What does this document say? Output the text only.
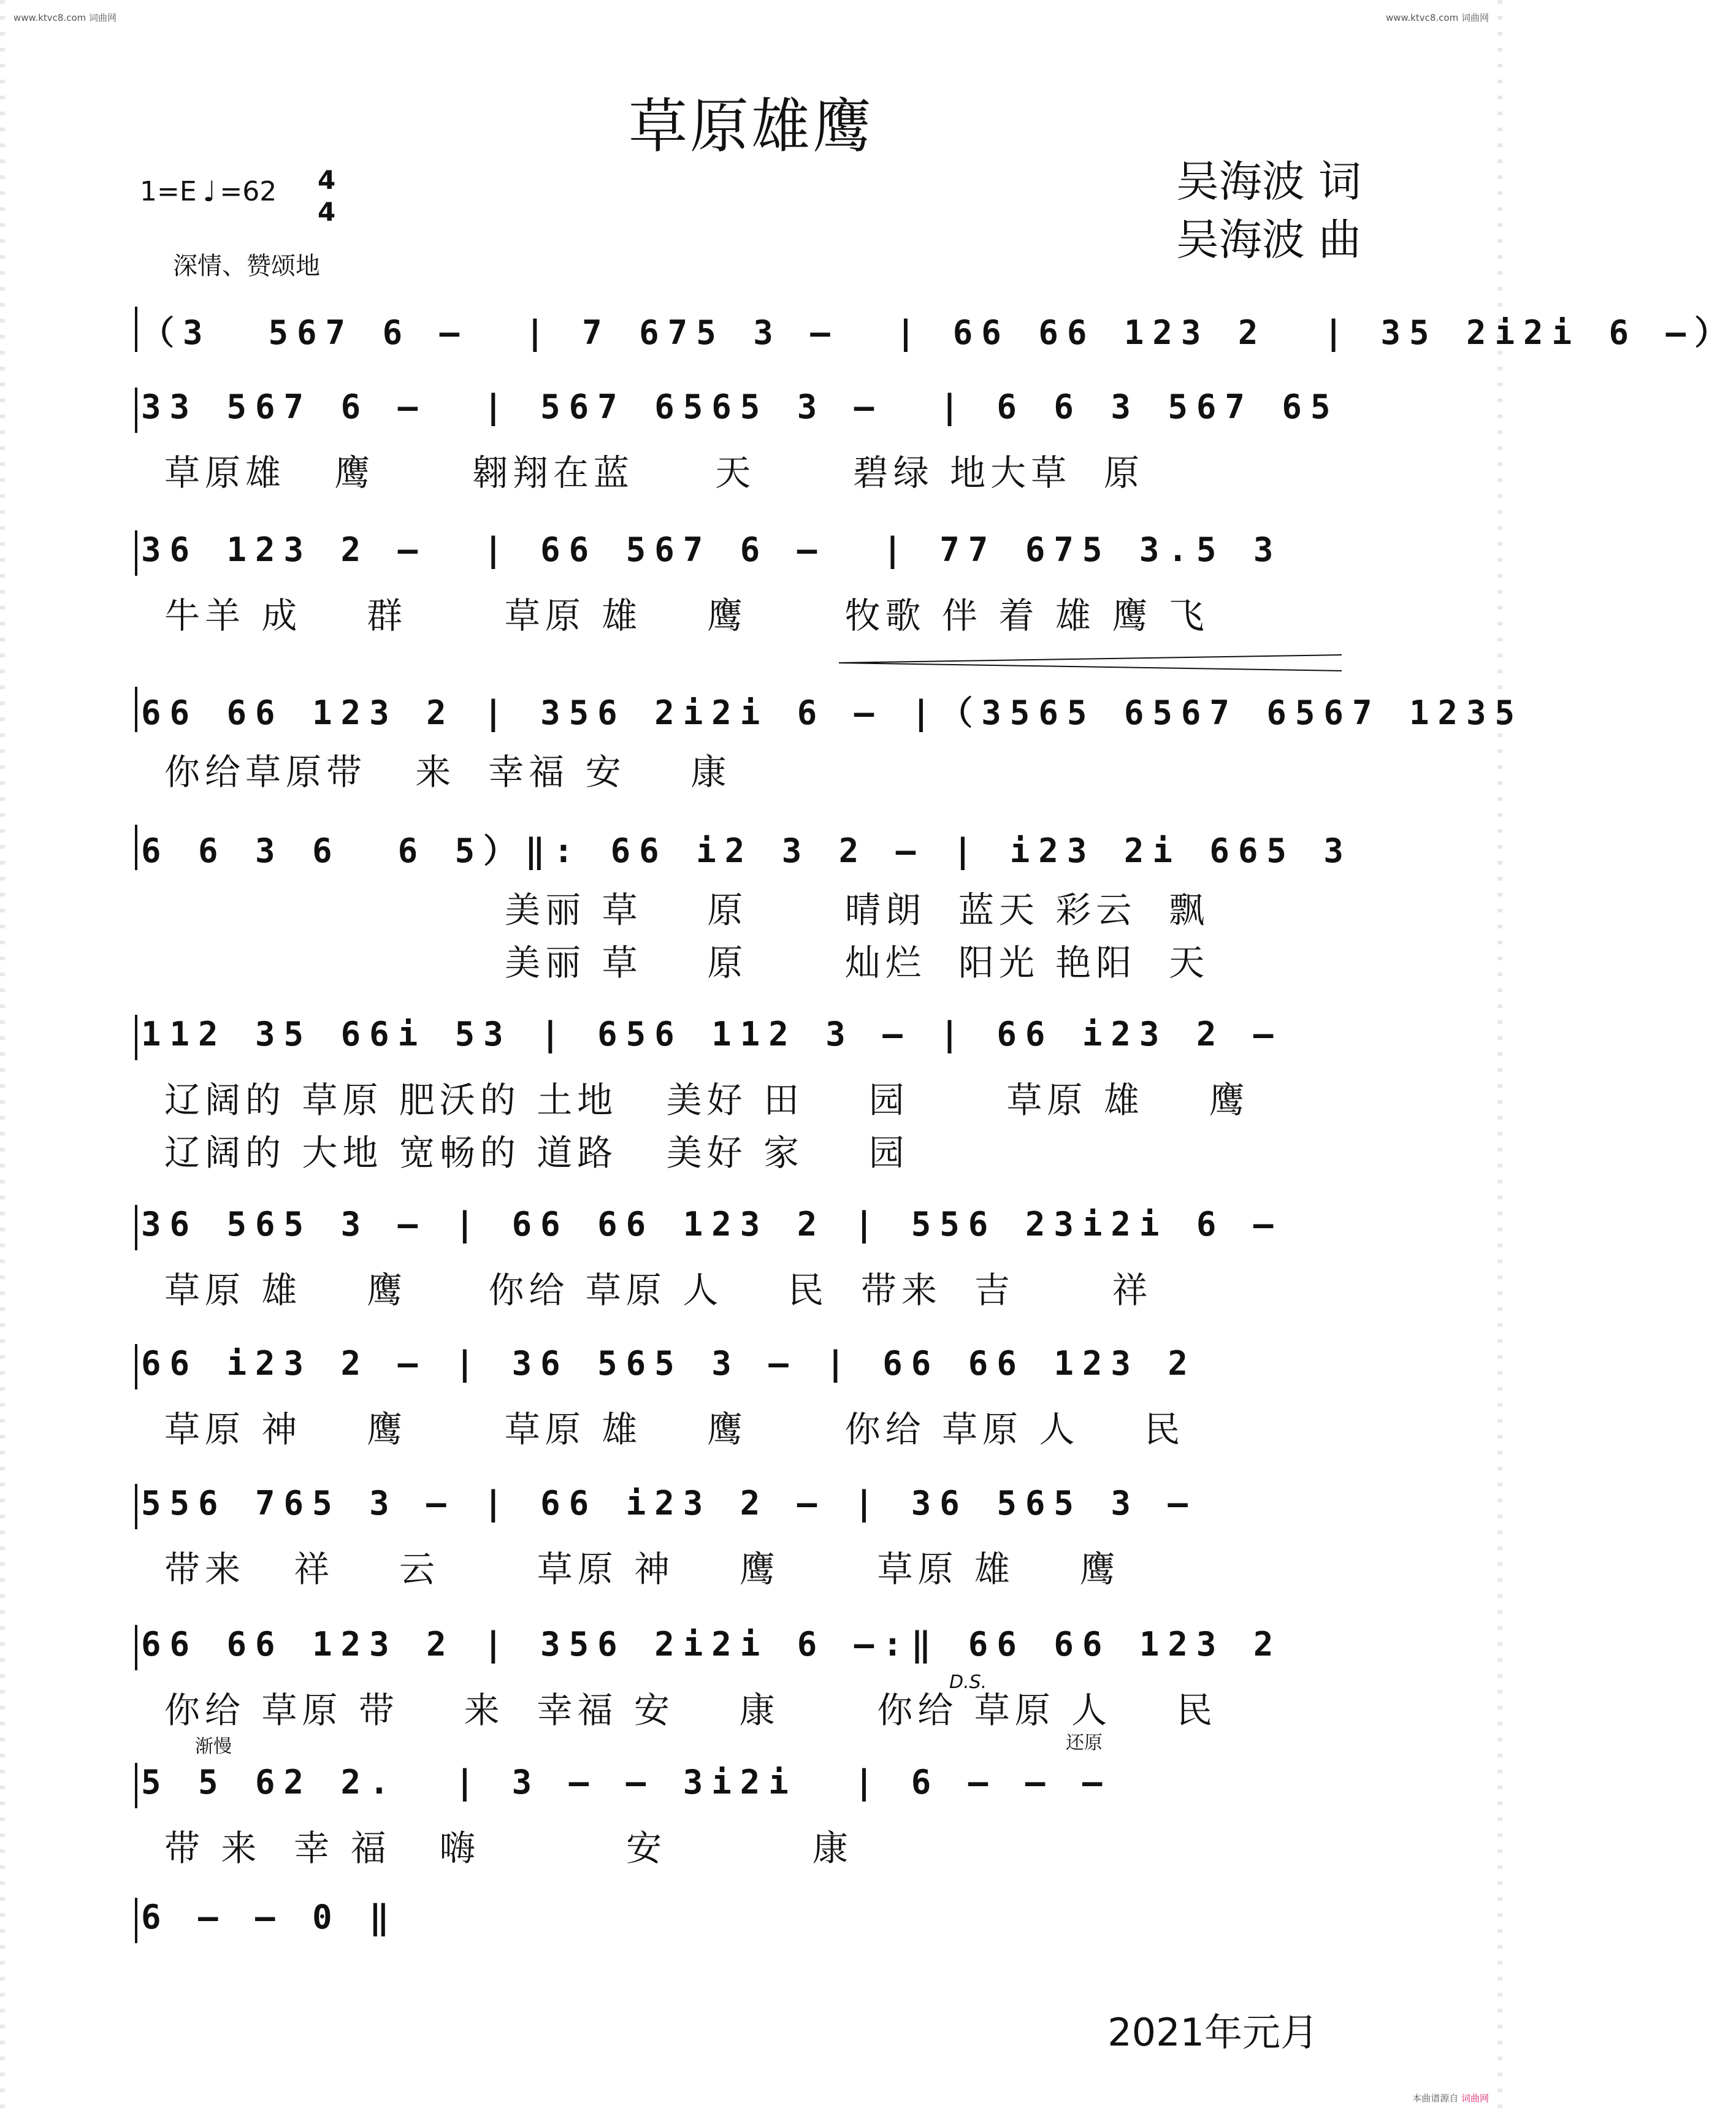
www.ktvc8.com 词曲网	www.ktvc8.com 词曲网
草原雄鹰
吴海波 词
吴海波 曲
1=E ♩ =62 4
4
深情、赞颂地
（3  567 6 –  | 7 675 3 –  | 66 66 123 2  | 35 2i2i 6 –）
33 567 6 –  | 567 6565 3 –  | 6 6 3 567 65
草原雄   鹰      翱翔在蓝     天      碧绿 地大草  原
36 123 2 –  | 66 567 6 –  | 77 675 3.5 3
牛羊 成    群      草原 雄    鹰      牧歌 伴 着 雄 鹰 飞
66 66 123 2 | 356 2i2i 6 – |（3565 6567 6567 1235
你给草原带   来  幸福 安    康
6 6 3 6  6 5）‖: 66 i2 3 2 – | i23 2i 665 3
美丽 草    原      晴朗  蓝天 彩云  飘
美丽 草    原      灿烂  阳光 艳阳  天
112 35 66i 53 | 656 112 3 – | 66 i23 2 –
辽阔的 草原 肥沃的 土地   美好 田    园      草原 雄    鹰
辽阔的 大地 宽畅的 道路   美好 家    园
36 565 3 – | 66 66 123 2 | 556 23i2i 6 –
草原 雄    鹰     你给 草原 人    民  带来  吉      祥
66 i23 2 – | 36 565 3 – | 66 66 123 2
草原 神    鹰      草原 雄    鹰      你给 草原 人    民
556 765 3 – | 66 i23 2 – | 36 565 3 –
带来   祥    云      草原 神    鹰      草原 雄    鹰
66 66 123 2 | 356 2i2i 6 –:‖ 66 66 123 2
你给 草原 带    来  幸福 安    康      你给 草原 人    民
D.S.
渐慢	还原
5 5 62 2.  | 3 – – 3i2i  | 6 – – –
带 来  幸 福   嗨         安         康
6 – – 0 ‖
2021年元月
本曲谱源自 词曲网
